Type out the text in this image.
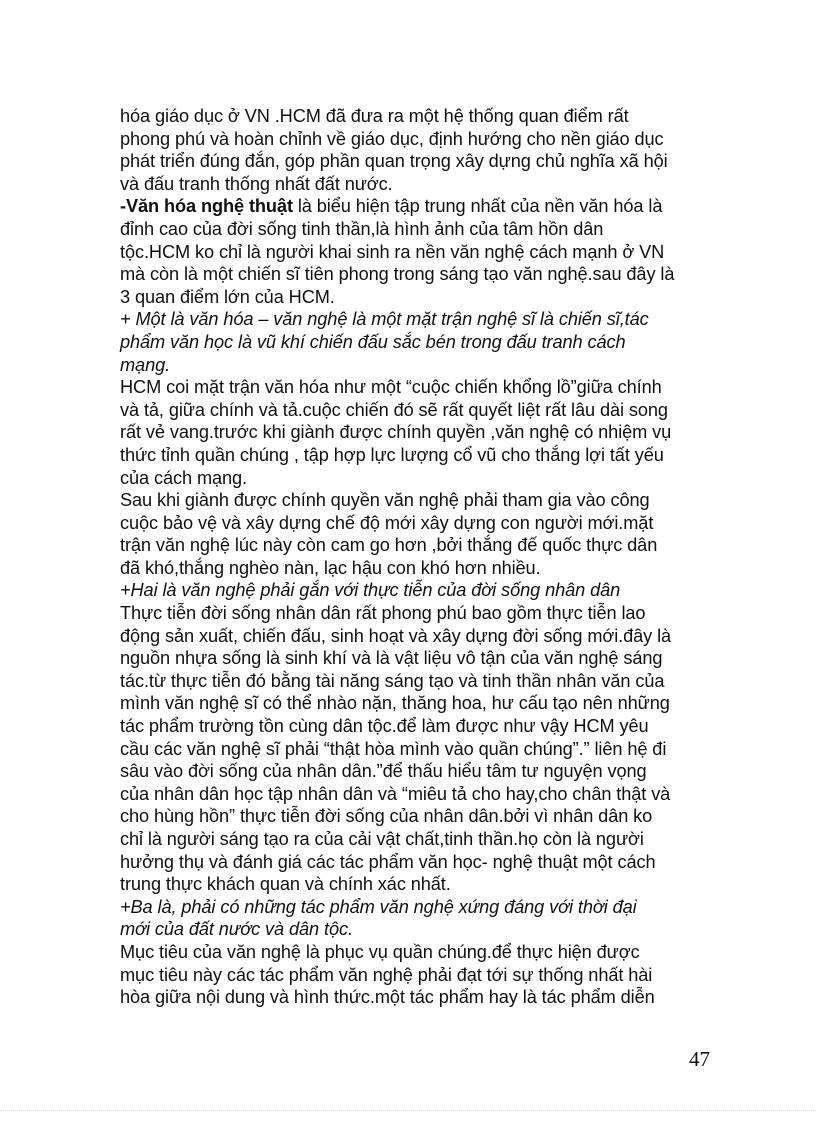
hóa giáo dục ở VN .HCM đã đưa ra một hệ thống quan điểm rất

phong phú và hoàn chỉnh về giáo dục, định hướng cho nền giáo dục

phát triển đúng đắn, góp phần quan trọng xây dựng chủ nghĩa xã hội

và đấu tranh thống nhất đất nước.

-Văn hóa nghệ thuật là biểu hiện tập trung nhất của nền văn hóa là

đỉnh cao của đời sống tinh thần,là hình ảnh của tâm hồn dân

tộc.HCM ko chỉ là người khai sinh ra nền văn nghệ cách mạnh ở VN

mà còn là một chiến sĩ tiên phong trong sáng tạo văn nghệ.sau đây là

3 quan điểm lớn của HCM.

+ Một là văn hóa – văn nghệ là một mặt trận nghệ sĩ là chiến sĩ,tác

phẩm văn học là vũ khí chiến đấu sắc bén trong đấu tranh cách

mạng.

HCM coi mặt trận văn hóa như một “cuộc chiến khổng lồ”giữa chính

và tả, giữa chính và tả.cuộc chiến đó sẽ rất quyết liệt rất lâu dài song

rất vẻ vang.trước khi giành được chính quyền ,văn nghệ có nhiệm vụ

thức tỉnh quần chúng , tập hợp lực lượng cổ vũ cho thắng lợi tất yếu

của cách mạng.

Sau khi giành được chính quyền văn nghệ phải tham gia vào công

cuộc bảo vệ và xây dựng chế độ mới xây dựng con người mới.mặt

trận văn nghệ lúc này còn cam go hơn ,bởi thắng đế quốc thực dân

đã khó,thắng nghèo nàn, lạc hậu con khó hơn nhiều.

+Hai là văn nghệ phải gắn với thực tiễn của đời sống nhân dân

Thực tiễn đời sống nhân dân rất phong phú bao gồm thực tiễn lao

động sản xuất, chiến đấu, sinh hoạt và xây dựng đời sống mới.đây là

nguồn nhựa sống là sinh khí và là vật liệu vô tận của văn nghệ sáng

tác.từ thực tiễn đó bằng tài năng sáng tạo và tinh thần nhân văn của

mình văn nghệ sĩ có thể nhào nặn, thăng hoa, hư cấu tạo nên những

tác phẩm trường tồn cùng dân tộc.để làm được như vậy HCM yêu

cầu các văn nghệ sĩ phải “thật hòa mình vào quần chúng”.” liên hệ đi

sâu vào đời sống của nhân dân.”để thấu hiểu tâm tư nguyện vọng

của nhân dân học tập nhân dân và “miêu tả cho hay,cho chân thật và

cho hùng hồn” thực tiễn đời sống của nhân dân.bởi vì nhân dân ko

chỉ là người sáng tạo ra của cải vật chất,tinh thần.họ còn là người

hưởng thụ và đánh giá các tác phẩm văn học- nghệ thuật một cách

trung thực khách quan và chính xác nhất.

+Ba là, phải có những tác phẩm văn nghệ xứng đáng với thời đại

mới của đất nước và dân tộc.

Mục tiêu của văn nghệ là phục vụ quần chúng.để thực hiện được

mục tiêu này các tác phẩm văn nghệ phải đạt tới sự thống nhất hài

hòa giữa nội dung và hình thức.một tác phẩm hay là tác phẩm diễn

47
